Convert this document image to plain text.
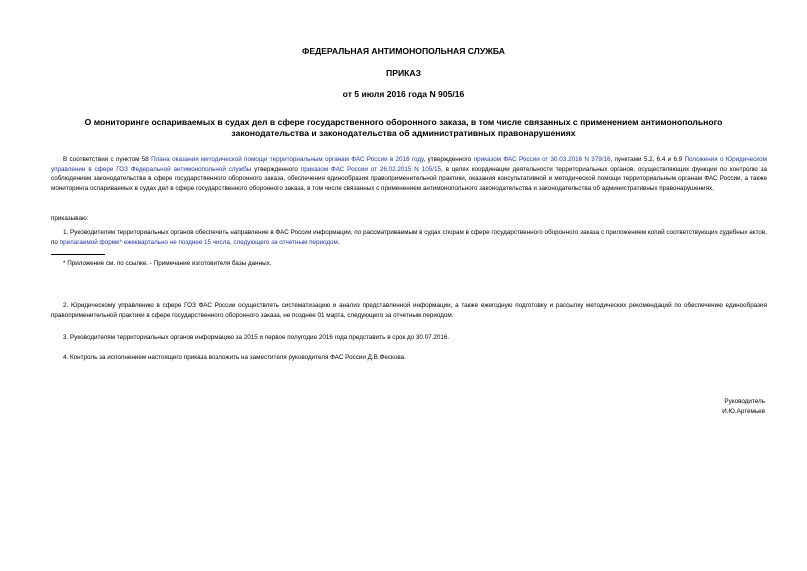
ФЕДЕРАЛЬНАЯ АНТИМОНОПОЛЬНАЯ СЛУЖБА
ПРИКАЗ
от 5 июля 2016 года N 905/16
О мониторинге оспариваемых в судах дел в сфере государственного оборонного заказа, в том числе связанных с применением антимонопольного законодательства и законодательства об административных правонарушениях
В соответствии с пунктом 58 Плана оказания методической помощи территориальным органам ФАС России в 2016 году, утвержденного приказом ФАС России от 30.03.2016 N 379/16, пунктами 5.2, 6.4 и 6.9 Положения о Юридическом управлении в сфере ГОЗ Федеральной антимонопольной службы утвержденного приказом ФАС России от 26.02.2015 N 105/15, в целях координации деятельности территориальных органов, осуществляющих функции по контролю за соблюдением законодательства в сфере государственного оборонного заказа, обеспечения единообразия правоприменительной практики, оказания консультативной и методической помощи территориальным органам ФАС России, а также мониторинга оспариваемых в судах дел в сфере государственного оборонного заказа, в том числе связанных с применением антимонопольного законодательства и законодательства об административных правонарушениях,
приказываю:
1. Руководителям территориальных органов обеспечить направление в ФАС России информации, по рассматриваемым в судах спорам в сфере государственного оборонного заказа с приложением копий соответствующих судебных актов, по прилагаемой форме* ежеквартально не позднее 15 числа, следующего за отчетным периодом.
* Приложение см. по ссылке. - Примечание изготовителя базы данных.
2. Юридическому управлению в сфере ГОЗ ФАС России осуществлять систематизацию и анализ представленной информации, а также ежегодную подготовку и рассылку методических рекомендаций по обеспечению единообразия правоприменительной практики в сфере государственного оборонного заказа, не позднее 01 марта, следующего за отчетным периодом.
3. Руководителям территориальных органов информацию за 2015 и первое полугодие 2016 года представить в срок до 30.07.2016.
4. Контроль за исполнением настоящего приказа возложить на заместителя руководителя ФАС России Д.В.Фескова.
Руководитель
И.Ю.Артемьев
